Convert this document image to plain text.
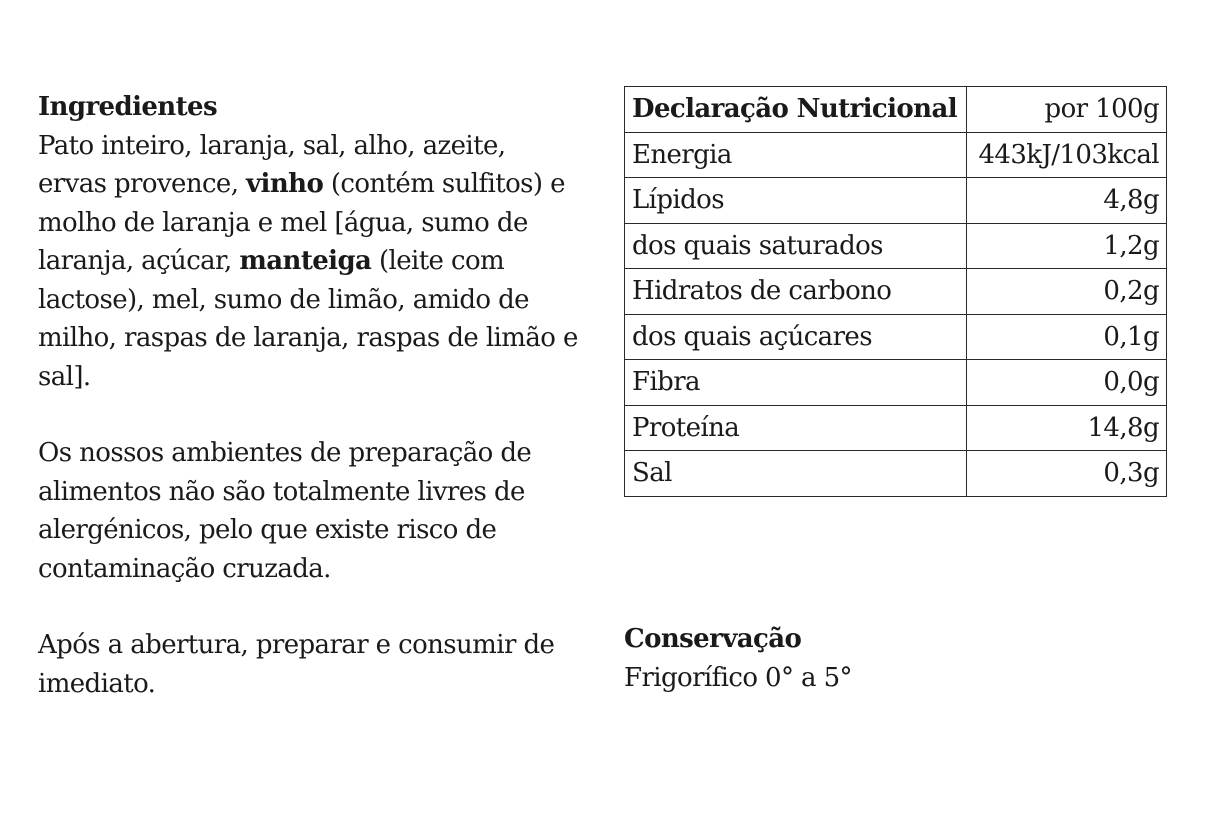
Ingredientes
Pato inteiro, laranja, sal, alho, azeite, ervas provence, vinho (contém sulfitos) e molho de laranja e mel [água, sumo de laranja, açúcar, manteiga (leite com lactose), mel, sumo de limão, amido de milho, raspas de laranja, raspas de limão e sal].

Os nossos ambientes de preparação de alimentos não são totalmente livres de alergénicos, pelo que existe risco de contaminação cruzada.

Após a abertura, preparar e consumir de imediato.

Declaração Nutricional	por 100g
Energia	443kJ/103kcal
Lípidos	4,8g
dos quais saturados	1,2g
Hidratos de carbono	0,2g
dos quais açúcares	0,1g
Fibra	0,0g
Proteína	14,8g
Sal	0,3g
Conservação
Frigorífico 0° a 5°
